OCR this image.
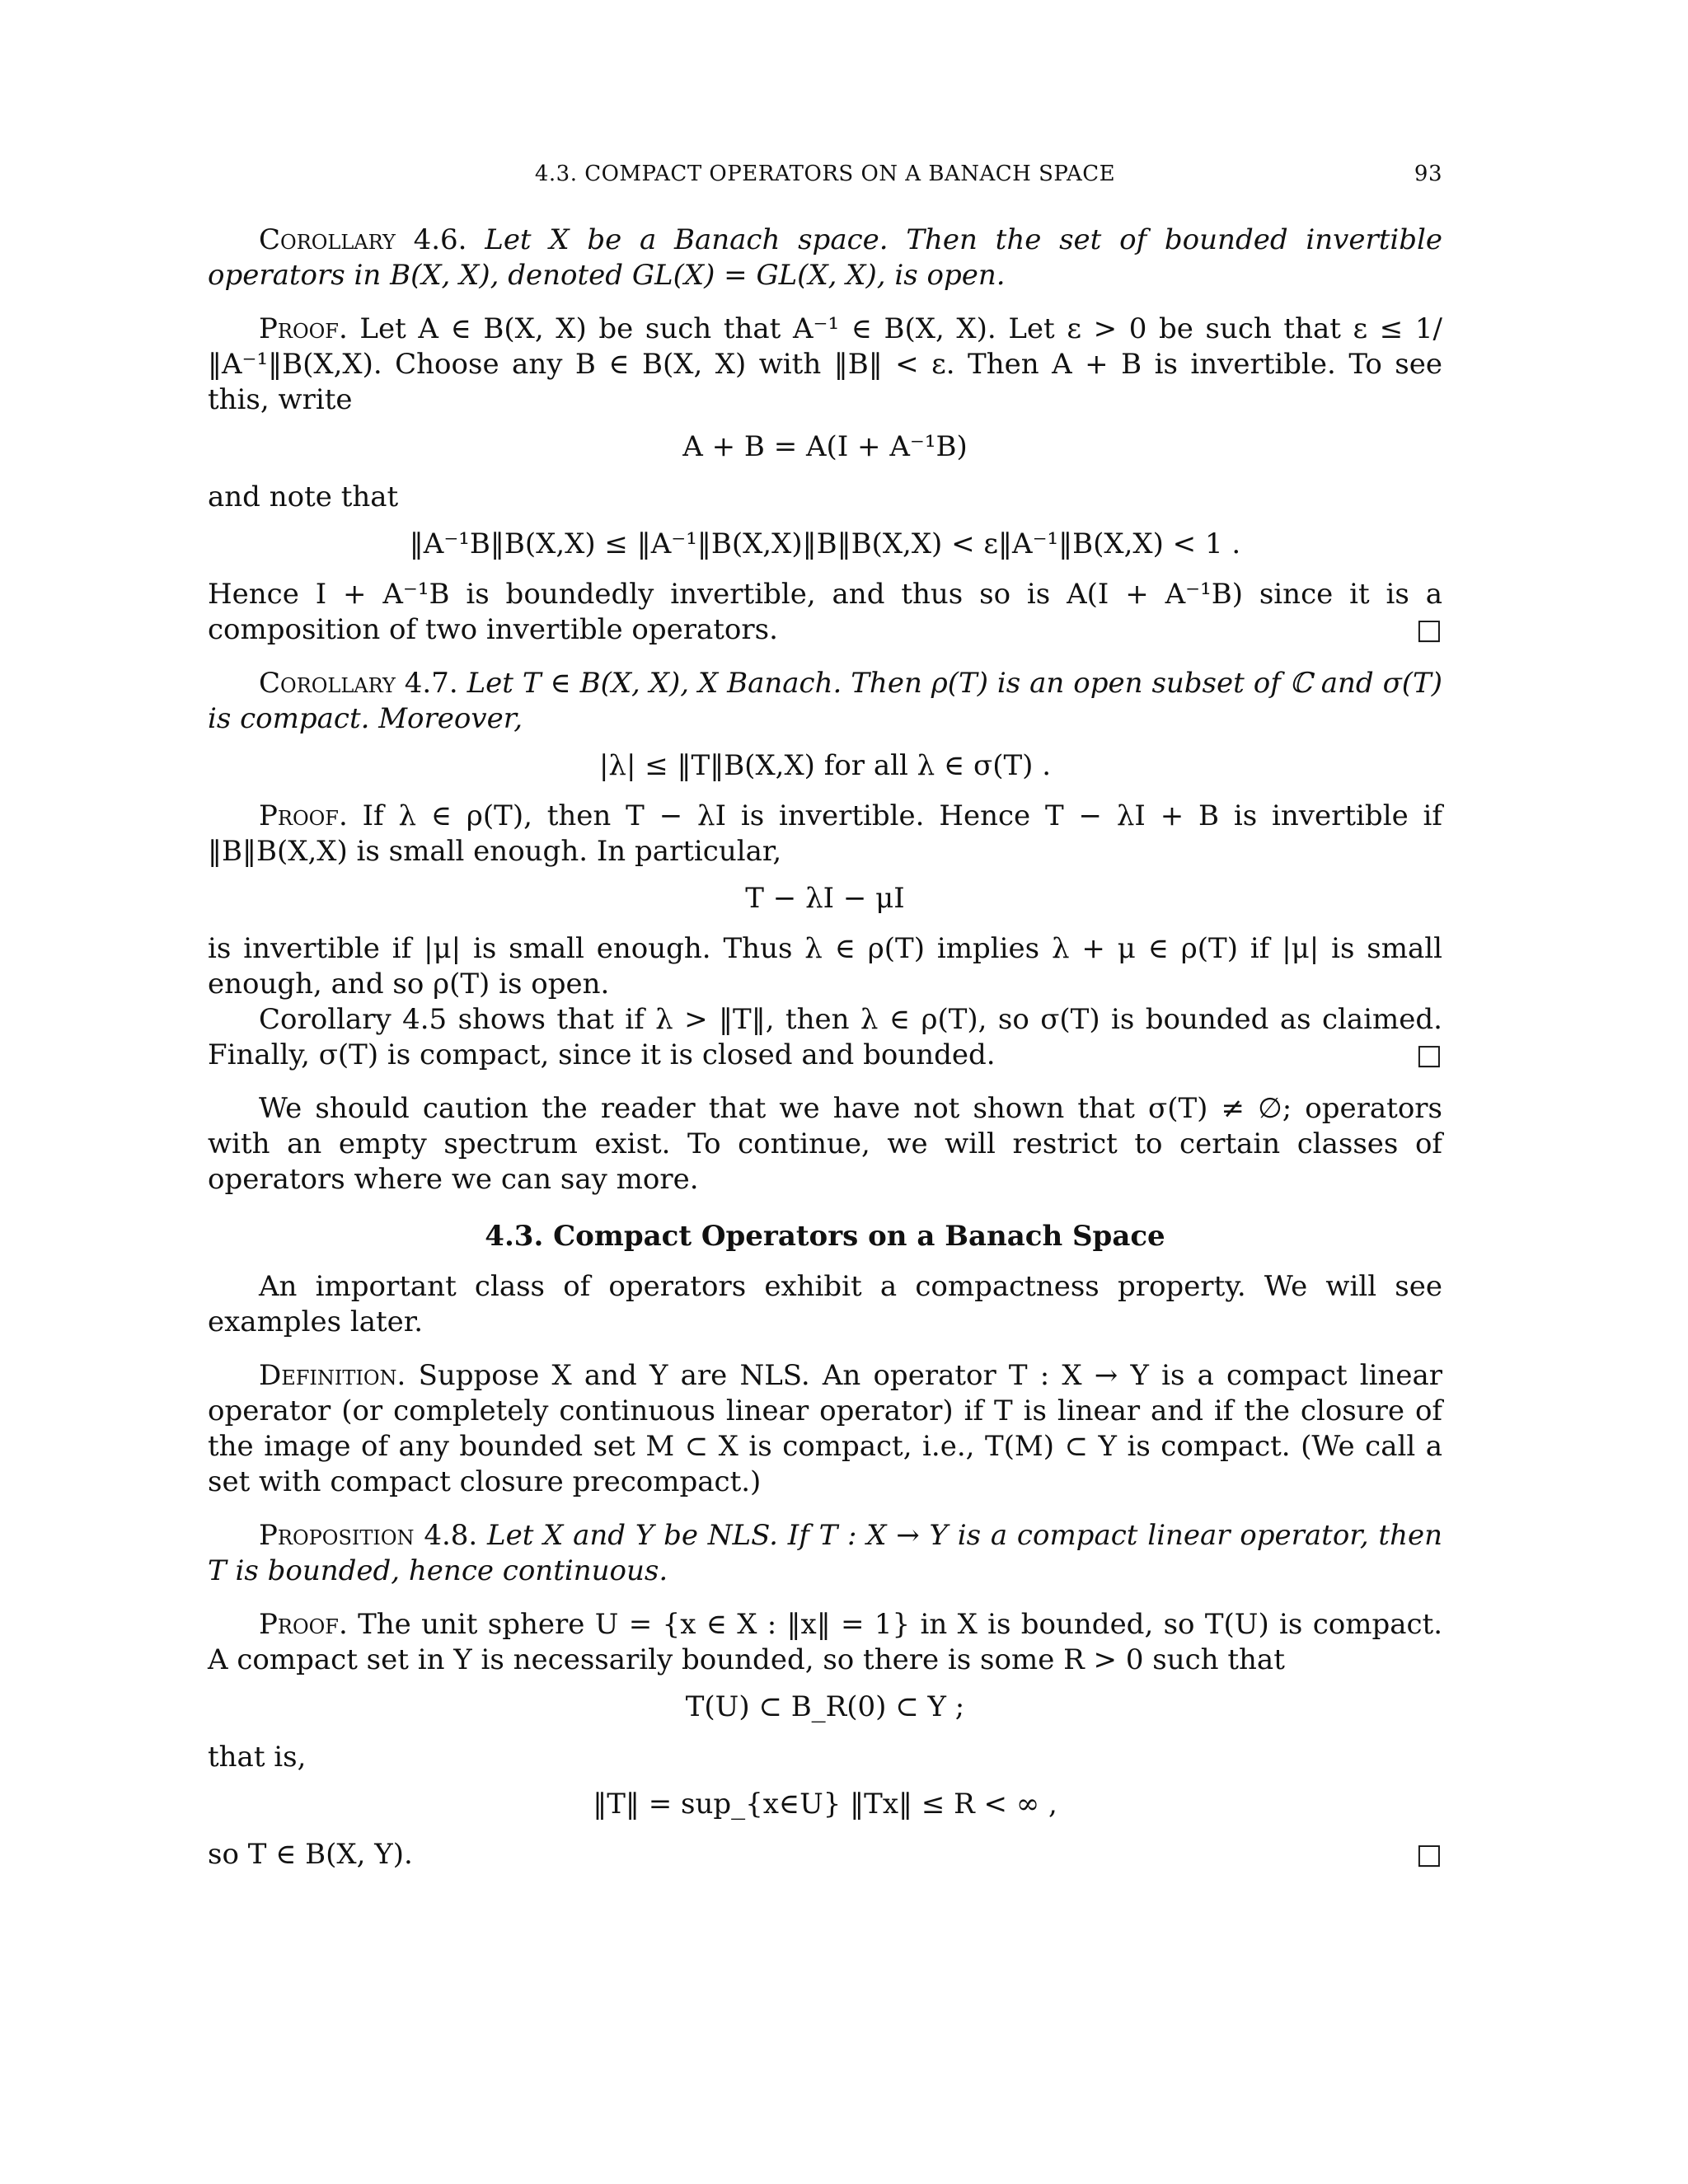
4.3. COMPACT OPERATORS ON A BANACH SPACE	93

Corollary 4.6. Let X be a Banach space. Then the set of bounded invertible operators in B(X, X), denoted GL(X) = GL(X, X), is open.

Proof. Let A ∈ B(X, X) be such that A⁻¹ ∈ B(X, X). Let ε > 0 be such that ε ≤ 1/‖A⁻¹‖B(X,X). Choose any B ∈ B(X, X) with ‖B‖ < ε. Then A + B is invertible. To see this, write

A + B = A(I + A⁻¹B)

and note that

‖A⁻¹B‖B(X,X) ≤ ‖A⁻¹‖B(X,X)‖B‖B(X,X) < ε‖A⁻¹‖B(X,X) < 1 .

Hence I + A⁻¹B is boundedly invertible, and thus so is A(I + A⁻¹B) since it is a composition of two invertible operators.	□

Corollary 4.7. Let T ∈ B(X, X), X Banach. Then ρ(T) is an open subset of ℂ and σ(T) is compact. Moreover,

|λ| ≤ ‖T‖B(X,X) for all λ ∈ σ(T) .

Proof. If λ ∈ ρ(T), then T − λI is invertible. Hence T − λI + B is invertible if ‖B‖B(X,X) is small enough. In particular,

T − λI − μI

is invertible if |μ| is small enough. Thus λ ∈ ρ(T) implies λ + μ ∈ ρ(T) if |μ| is small enough, and so ρ(T) is open.

Corollary 4.5 shows that if λ > ‖T‖, then λ ∈ ρ(T), so σ(T) is bounded as claimed. Finally, σ(T) is compact, since it is closed and bounded.	□

We should caution the reader that we have not shown that σ(T) ≠ ∅; operators with an empty spectrum exist. To continue, we will restrict to certain classes of operators where we can say more.

4.3. Compact Operators on a Banach Space

An important class of operators exhibit a compactness property. We will see examples later.

Definition. Suppose X and Y are NLS. An operator T : X → Y is a compact linear operator (or completely continuous linear operator) if T is linear and if the closure of the image of any bounded set M ⊂ X is compact, i.e., T(M) ⊂ Y is compact. (We call a set with compact closure precompact.)

Proposition 4.8. Let X and Y be NLS. If T : X → Y is a compact linear operator, then T is bounded, hence continuous.

Proof. The unit sphere U = {x ∈ X : ‖x‖ = 1} in X is bounded, so T(U) is compact. A compact set in Y is necessarily bounded, so there is some R > 0 such that

T(U) ⊂ B_R(0) ⊂ Y ;

that is,

‖T‖ = sup_{x∈U} ‖Tx‖ ≤ R < ∞ ,

so T ∈ B(X, Y).	□
